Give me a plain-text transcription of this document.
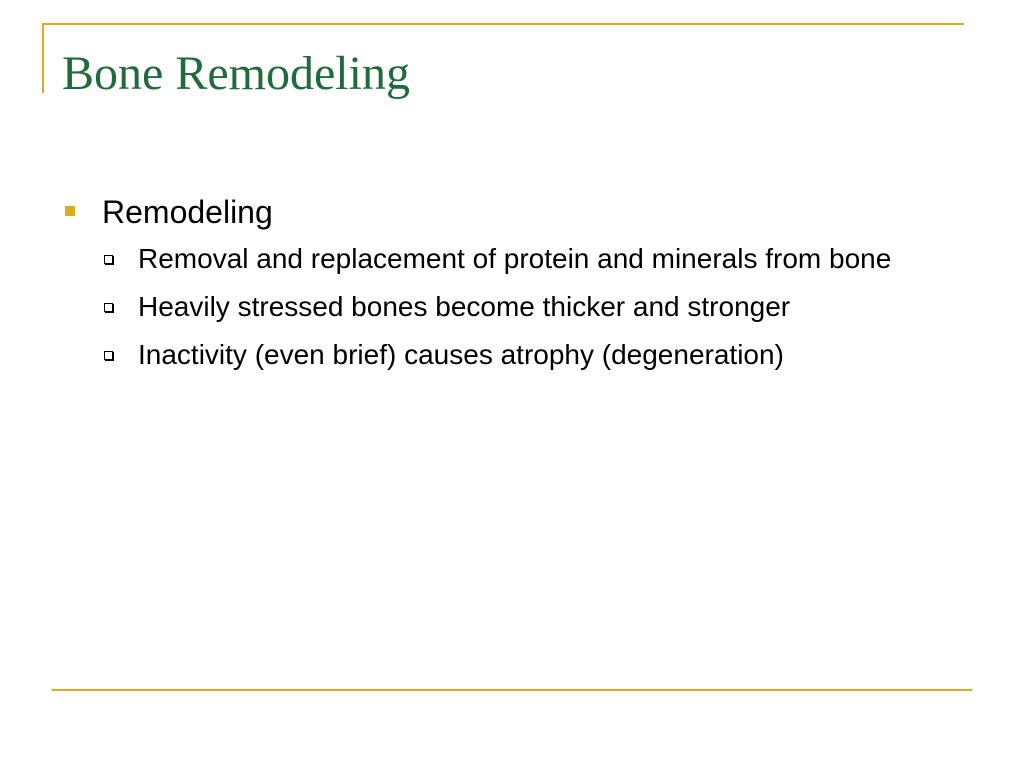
Bone Remodeling
Remodeling
Removal and replacement of protein and minerals from bone
Heavily stressed bones become thicker and stronger
Inactivity (even brief) causes atrophy (degeneration)
